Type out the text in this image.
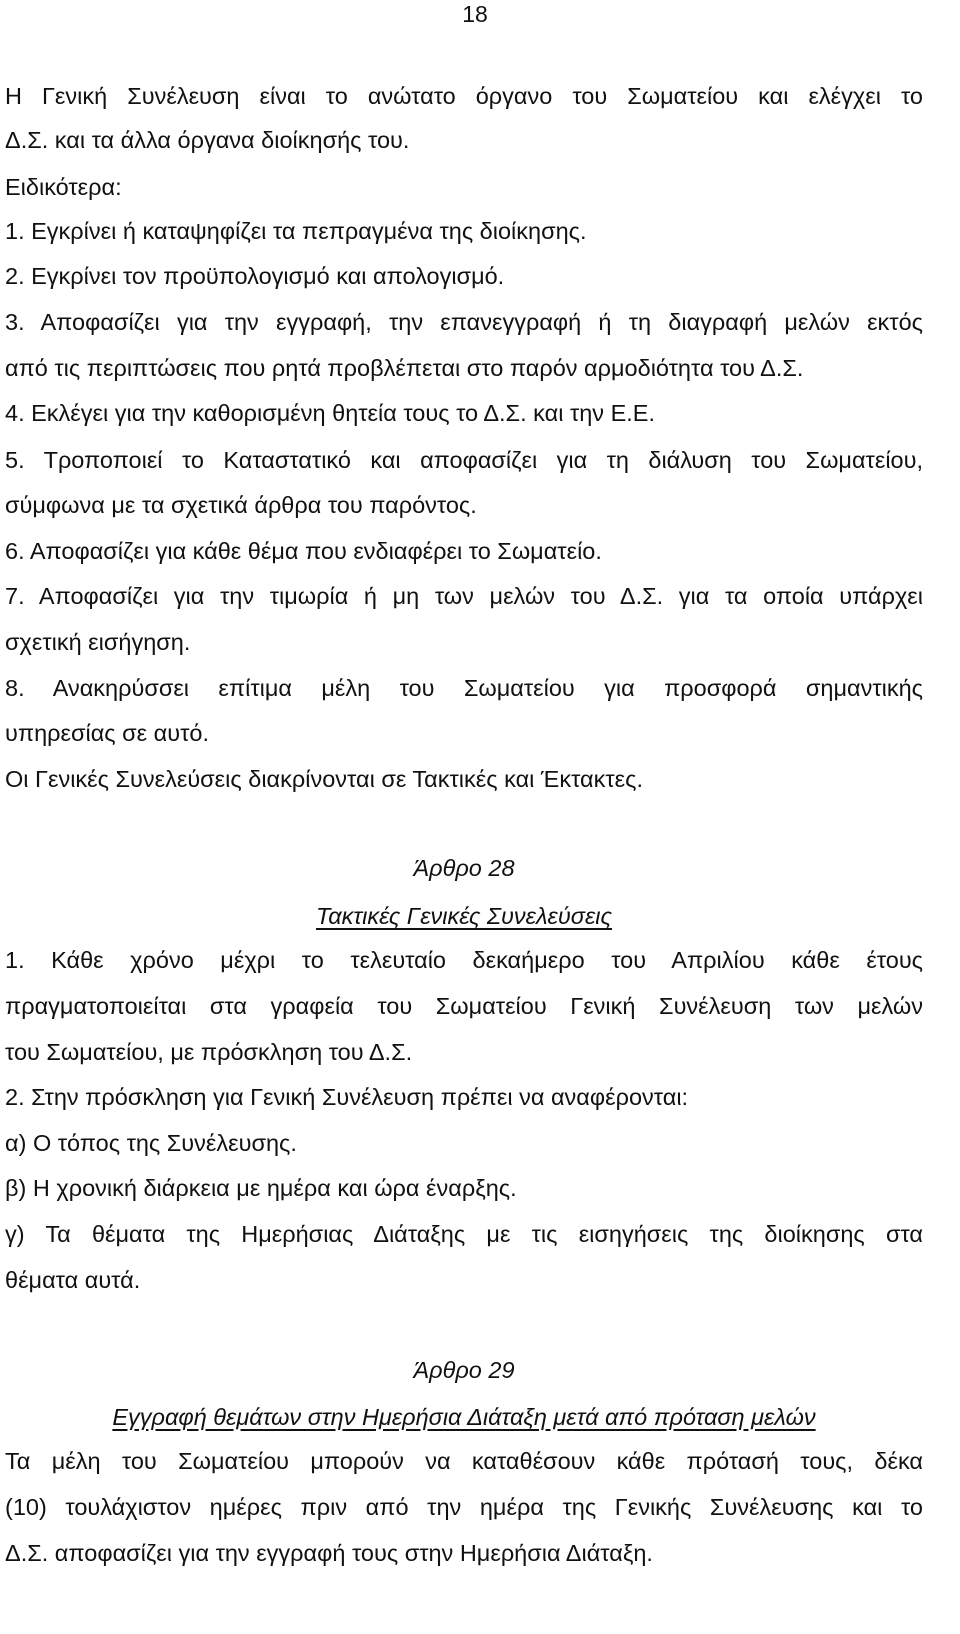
18
Η Γενική Συνέλευση είναι το ανώτατο όργανο του Σωματείου και ελέγχει το
Δ.Σ. και τα άλλα όργανα διοίκησής του.
Ειδικότερα:
1. Εγκρίνει ή καταψηφίζει τα πεπραγμένα της διοίκησης.
2. Εγκρίνει τον προϋπολογισμό και απολογισμό.
3. Αποφασίζει για την εγγραφή, την επανεγγραφή ή τη διαγραφή μελών εκτός
από τις περιπτώσεις που ρητά προβλέπεται στο παρόν αρμοδιότητα του Δ.Σ.
4. Εκλέγει για την καθορισμένη θητεία τους το Δ.Σ. και την Ε.Ε.
5. Τροποποιεί το Καταστατικό και αποφασίζει για τη διάλυση του Σωματείου,
σύμφωνα με τα σχετικά άρθρα του παρόντος.
6. Αποφασίζει για κάθε θέμα που ενδιαφέρει το Σωματείο.
7. Αποφασίζει για την τιμωρία ή μη των μελών του Δ.Σ. για τα οποία υπάρχει
σχετική εισήγηση.
8. Ανακηρύσσει επίτιμα μέλη του Σωματείου για προσφορά σημαντικής
υπηρεσίας σε αυτό.
Οι Γενικές Συνελεύσεις διακρίνονται σε Τακτικές και Έκτακτες.
Άρθρο 28
Τακτικές Γενικές Συνελεύσεις
1. Κάθε χρόνο μέχρι το τελευταίο δεκαήμερο του Απριλίου κάθε έτους
πραγματοποιείται στα γραφεία του Σωματείου Γενική Συνέλευση των μελών
του Σωματείου, με πρόσκληση του Δ.Σ.
2. Στην πρόσκληση για Γενική Συνέλευση πρέπει να αναφέρονται:
α) Ο τόπος της Συνέλευσης.
β) Η χρονική διάρκεια με ημέρα και ώρα έναρξης.
γ) Τα θέματα της Ημερήσιας Διάταξης με τις εισηγήσεις της διοίκησης στα
θέματα αυτά.
Άρθρο 29
Εγγραφή θεμάτων στην Ημερήσια Διάταξη μετά από πρόταση μελών
Τα μέλη του Σωματείου μπορούν να καταθέσουν κάθε πρότασή τους, δέκα
(10) τουλάχιστον ημέρες πριν από την ημέρα της Γενικής Συνέλευσης και το
Δ.Σ. αποφασίζει για την εγγραφή τους στην Ημερήσια Διάταξη.
